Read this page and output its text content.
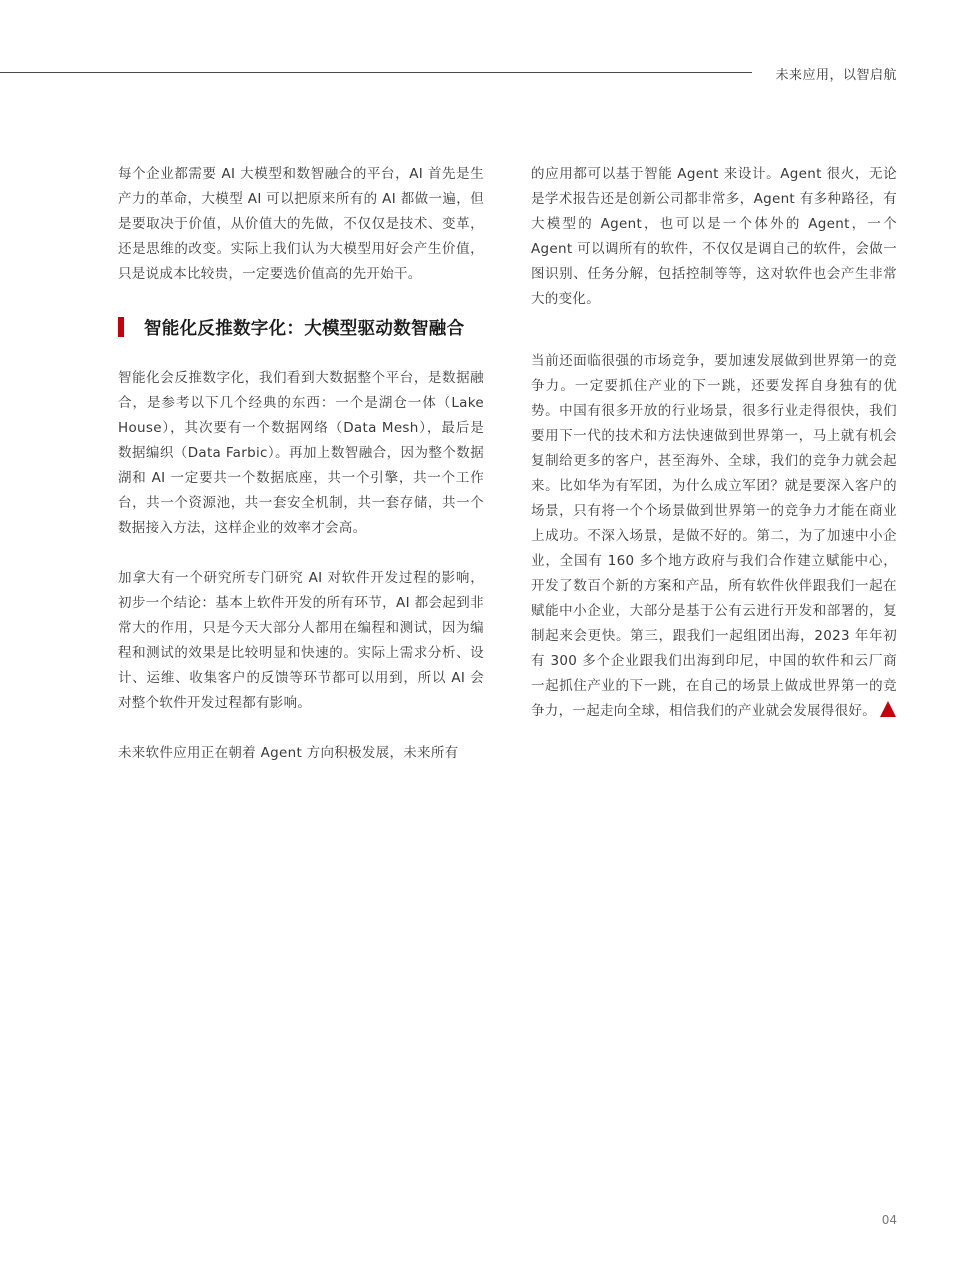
未来应用，以智启航

每个企业都需要 AI 大模型和数智融合的平台，AI 首先是生产力的革命，大模型 AI 可以把原来所有的 AI 都做一遍，但是要取决于价值，从价值大的先做，不仅仅是技术、变革，还是思维的改变。实际上我们认为大模型用好会产生价值，只是说成本比较贵，一定要选价值高的先开始干。

智能化反推数字化：大模型驱动数智融合

智能化会反推数字化，我们看到大数据整个平台，是数据融合，是参考以下几个经典的东西：一个是湖仓一体（Lake House），其次要有一个数据网络（Data Mesh），最后是数据编织（Data Farbic）。再加上数智融合，因为整个数据湖和 AI 一定要共一个数据底座，共一个引擎，共一个工作台，共一个资源池，共一套安全机制，共一套存储，共一个数据接入方法，这样企业的效率才会高。

加拿大有一个研究所专门研究 AI 对软件开发过程的影响，初步一个结论：基本上软件开发的所有环节，AI 都会起到非常大的作用，只是今天大部分人都用在编程和测试，因为编程和测试的效果是比较明显和快速的。实际上需求分析、设计、运维、收集客户的反馈等环节都可以用到，所以 AI 会对整个软件开发过程都有影响。

未来软件应用正在朝着 Agent 方向积极发展，未来所有

的应用都可以基于智能 Agent 来设计。Agent 很火，无论是学术报告还是创新公司都非常多，Agent 有多种路径，有大模型的 Agent，也可以是一个体外的 Agent，一个 Agent 可以调所有的软件，不仅仅是调自己的软件，会做一图识别、任务分解，包括控制等等，这对软件也会产生非常大的变化。

当前还面临很强的市场竞争，要加速发展做到世界第一的竞争力。一定要抓住产业的下一跳，还要发挥自身独有的优势。中国有很多开放的行业场景，很多行业走得很快，我们要用下一代的技术和方法快速做到世界第一，马上就有机会复制给更多的客户，甚至海外、全球，我们的竞争力就会起来。比如华为有军团，为什么成立军团？就是要深入客户的场景，只有将一个个场景做到世界第一的竞争力才能在商业上成功。不深入场景，是做不好的。第二，为了加速中小企业，全国有 160 多个地方政府与我们合作建立赋能中心，开发了数百个新的方案和产品，所有软件伙伴跟我们一起在赋能中小企业，大部分是基于公有云进行开发和部署的，复制起来会更快。第三，跟我们一起组团出海，2023 年年初有 300 多个企业跟我们出海到印尼，中国的软件和云厂商一起抓住产业的下一跳，在自己的场景上做成世界第一的竞争力，一起走向全球，相信我们的产业就会发展得很好。

04
